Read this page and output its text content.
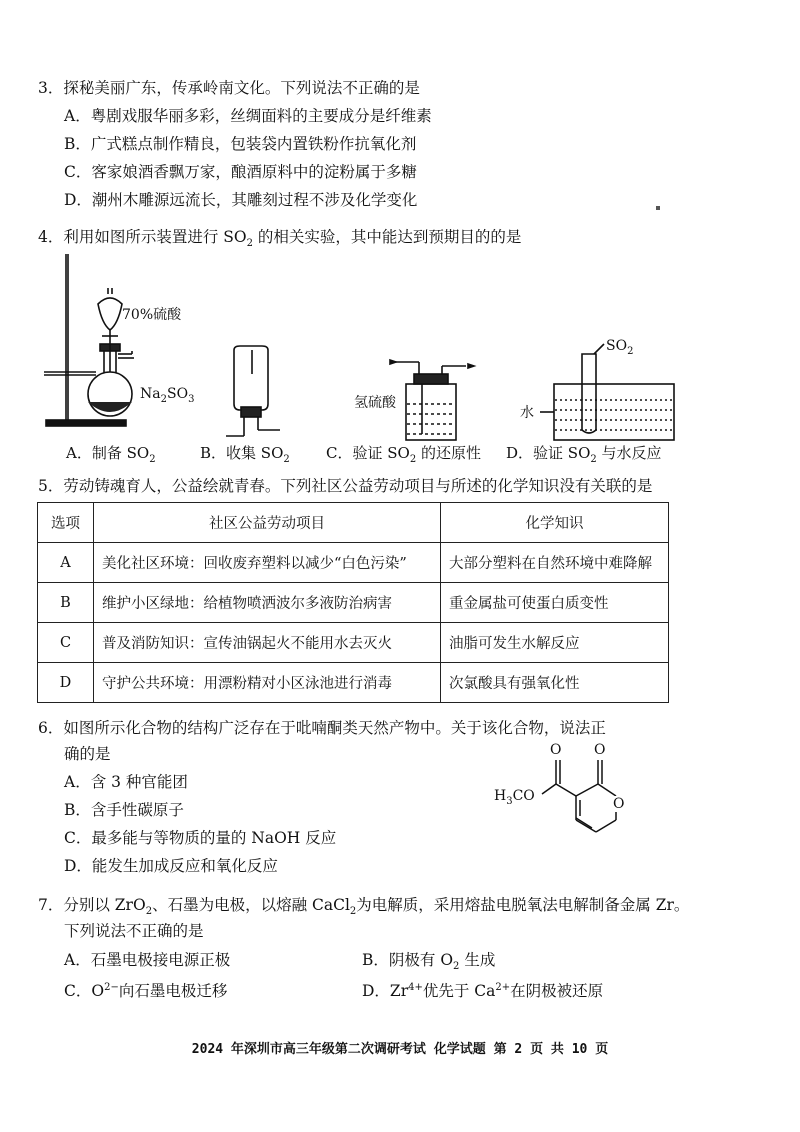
3．探秘美丽广东，传承岭南文化。下列说法不正确的是
A．粤剧戏服华丽多彩，丝绸面料的主要成分是纤维素
B．广式糕点制作精良，包装袋内置铁粉作抗氧化剂
C．客家娘酒香飘万家，酿酒原料中的淀粉属于多糖
D．潮州木雕源远流长，其雕刻过程不涉及化学变化
4．利用如图所示装置进行 $SO_2$ 的相关实验，其中能达到预期目的的是
70%硫酸
$Na_2SO_3$	氢硫酸
$SO_2$
水
A．制备 $SO_2$	B．收集 $SO_2$ C．验证 $SO_2$ 的还原性 D．验证 $SO_2$ 与水反应
5．劳动铸魂育人，公益绘就青春。下列社区公益劳动项目与所述的化学知识没有关联的是
选项	社区公益劳动项目	化学知识
A	美化社区环境：回收废弃塑料以减少“白色污染”	大部分塑料在自然环境中难降解
B	维护小区绿地：给植物喷洒波尔多液防治病害	重金属盐可使蛋白质变性
C	普及消防知识：宣传油锅起火不能用水去灭火	油脂可发生水解反应
D	守护公共环境：用漂粉精对小区泳池进行消毒	次氯酸具有强氧化性
6．如图所示化合物的结构广泛存在于吡喃酮类天然产物中。关于该化合物，说法正
确的是
A．含 3 种官能团
B．含手性碳原子
C．最多能与等物质的量的 NaOH 反应
D．能发生加成反应和氧化反应
O O
O
$H_3CO$
7．分别以 ZrO$_2$、石墨为电极，以熔融 CaCl$_2$为电解质，采用熔盐电脱氧法电解制备金属 Zr。
下列说法不正确的是
A．石墨电极接电源正极	B．阴极有 $O_2$ 生成
C．$O^{2-}$向石墨电极迁移	D．$Zr^{4+}$优先于 $Ca^{2+}$在阴极被还原
2024 年深圳市高三年级第二次调研考试 化学试题 第 2 页 共 10 页
